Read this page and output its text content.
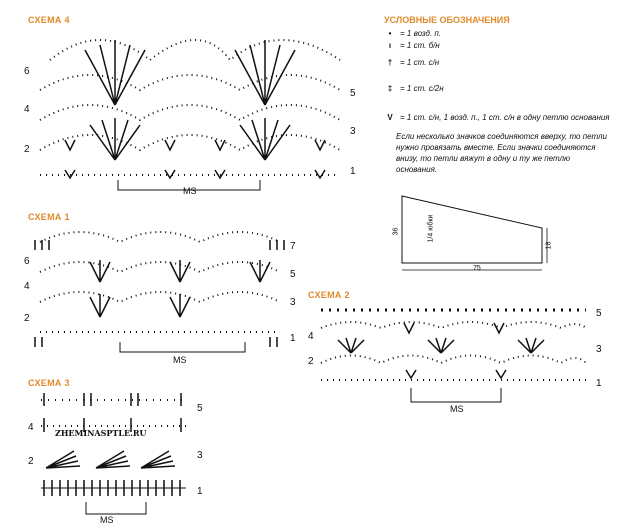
СХЕМА 4
СХЕМА 1
СХЕМА 2
СХЕМА 3
6
4
2
5
3
1
MS
6
4
2
7
5
3
1
MS
4
2
5
3
1
MS
4
2
5
3
1
MS
ZHEMINASPTLE.RU
УСЛОВНЫЕ ОБОЗНАЧЕНИЯ
•	= 1 возд. п.
ı	= 1 ст. б/н
† = 1 ст. с/н
‡ = 1 ст. с/2н
V = 1 ст. с/н, 1 возд. п., 1 ст. с/н в одну петлю основания
Если несколько значков соединяются вверху, то петли нужно провязать вместе. Если значки соединяются внизу, то петли вяжут в одну и ту же петлю основания.
36	1/4 юбки
18
75
